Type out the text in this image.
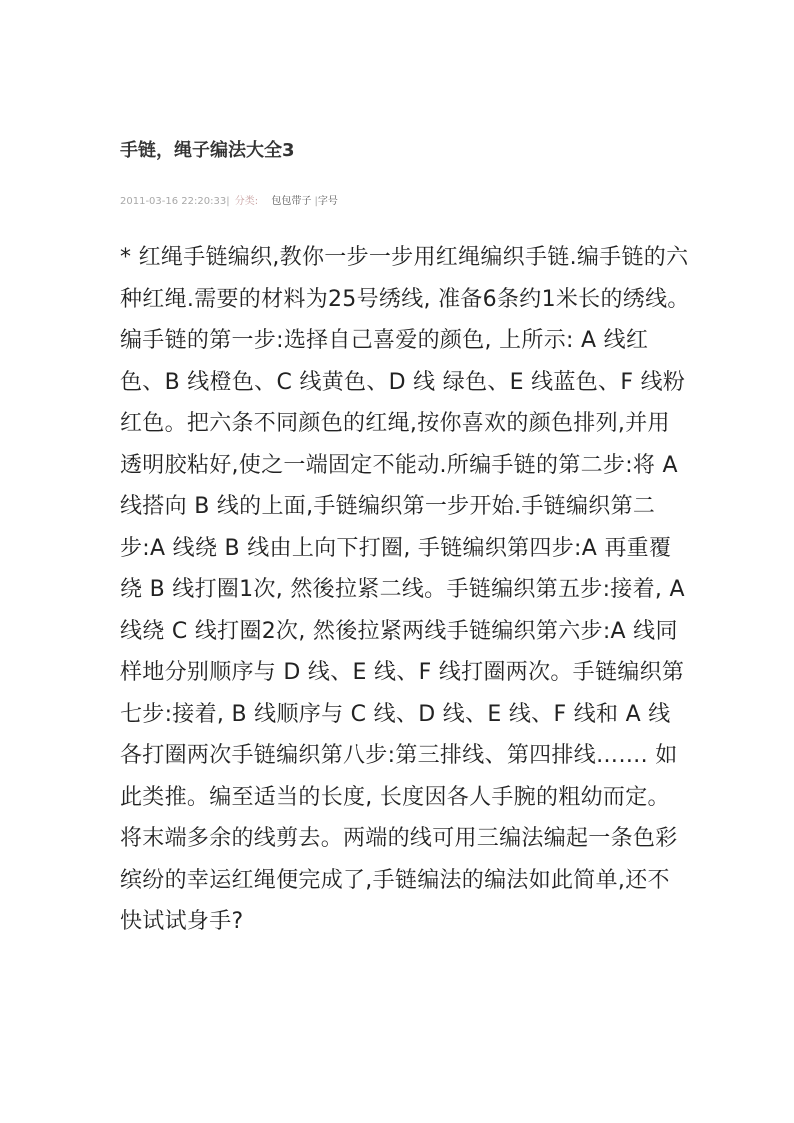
手链，绳子编法大全3
2011-03-16 22:20:33| 分类: 包包带子 |字号

* 红绳手链编织,教你一步一步用红绳编织手链.编手链的六种红绳.需要的材料为25号绣线, 准备6条约1米长的绣线。

编手链的第一步:选择自己喜爱的颜色, 上所示: A 线红色、B 线橙色、C 线黄色、D 线 绿色、E 线蓝色、F 线粉红色。把六条不同颜色的红绳,按你喜欢的颜色排列,并用透明胶粘好,使之一端固定不能动.所编手链的第二步:将 A 线搭向 B 线的上面,手链编织第一步开始.手链编织第二步:A 线绕 B 线由上向下打圈, 手链编织第四步:A 再重覆绕 B 线打圈1次, 然後拉紧二线。手链编织第五步:接着, A 线绕 C 线打圈2次, 然後拉紧两线手链编织第六步:A 线同样地分别顺序与 D 线、E 线、F 线打圈两次。手链编织第七步:接着, B 线顺序与 C 线、D 线、E 线、F 线和 A 线各打圈两次手链编织第八步:第三排线、第四排线……. 如此类推。编至适当的长度, 长度因各人手腕的粗幼而定。将末端多余的线剪去。两端的线可用三编法编起一条色彩缤纷的幸运红绳便完成了,手链编法的编法如此简单,还不快试试身手?
